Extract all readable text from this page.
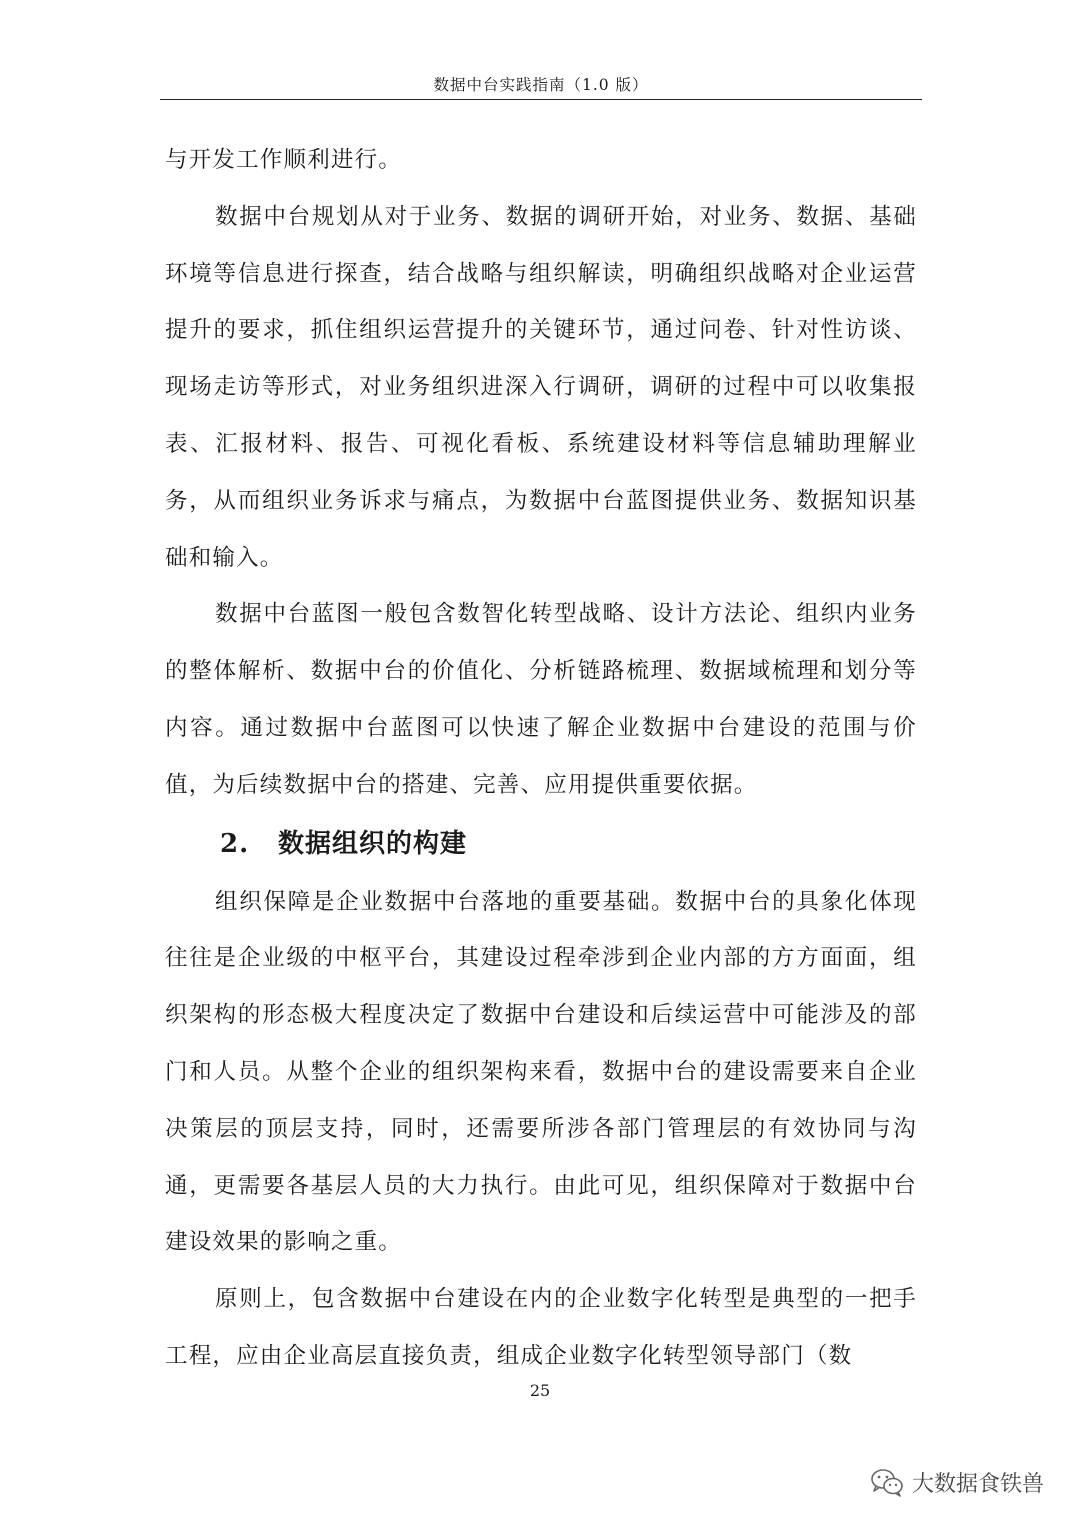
数据中台实践指南（1.0 版）

与开发工作顺利进行。

数据中台规划从对于业务、数据的调研开始，对业务、数据、基础环境等信息进行探查，结合战略与组织解读，明确组织战略对企业运营提升的要求，抓住组织运营提升的关键环节，通过问卷、针对性访谈、现场走访等形式，对业务组织进深入行调研，调研的过程中可以收集报表、汇报材料、报告、可视化看板、系统建设材料等信息辅助理解业务，从而组织业务诉求与痛点，为数据中台蓝图提供业务、数据知识基础和输入。

数据中台蓝图一般包含数智化转型战略、设计方法论、组织内业务的整体解析、数据中台的价值化、分析链路梳理、数据域梳理和划分等内容。通过数据中台蓝图可以快速了解企业数据中台建设的范围与价值，为后续数据中台的搭建、完善、应用提供重要依据。

2. 数据组织的构建

组织保障是企业数据中台落地的重要基础。数据中台的具象化体现往往是企业级的中枢平台，其建设过程牵涉到企业内部的方方面面，组织架构的形态极大程度决定了数据中台建设和后续运营中可能涉及的部门和人员。从整个企业的组织架构来看，数据中台的建设需要来自企业决策层的顶层支持，同时，还需要所涉各部门管理层的有效协同与沟通，更需要各基层人员的大力执行。由此可见，组织保障对于数据中台建设效果的影响之重。

原则上，包含数据中台建设在内的企业数字化转型是典型的一把手工程，应由企业高层直接负责，组成企业数字化转型领导部门（数

25
大数据食铁兽
